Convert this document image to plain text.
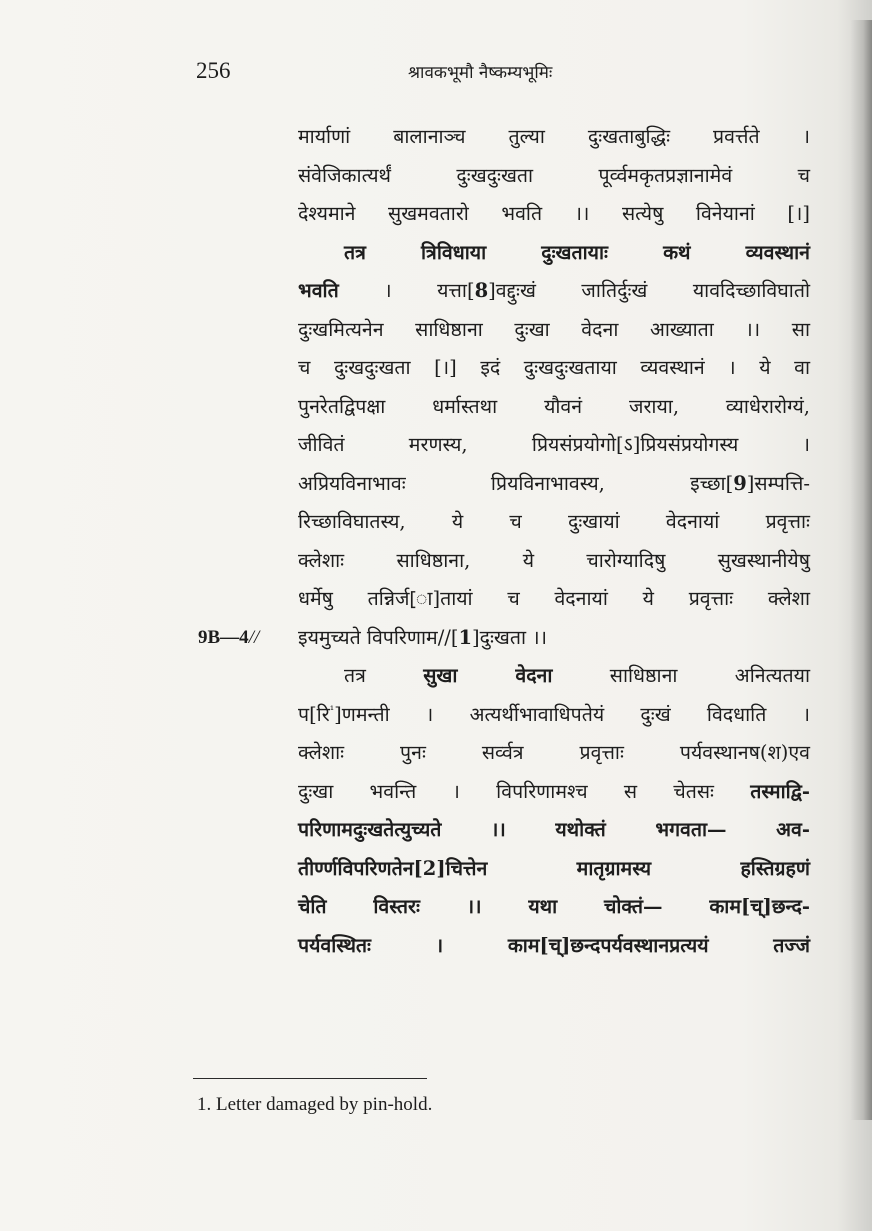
256	श्रावकभूमौ नैष्कम्यभूमिः
मार्याणां बालानाञ्च तुल्या दुःखताबुद्धिः प्रवर्त्तते ।
संवेजिकात्यर्थं दुःखदुःखता पूर्व्वमकृतप्रज्ञानामेवं च
देश्यमाने सुखमवतारो भवति ।। सत्येषु विनेयानां [।]
तत्र त्रिविधाया दुःखतायाः कथं व्यवस्थानं
भवति । यत्ता[8]वद्दुःखं जातिर्दुःखं यावदिच्छाविघातो
दुःखमित्यनेन साधिष्ठाना दुःखा वेदना आख्याता ।। सा
च दुःखदुःखता [।] इदं दुःखदुःखताया व्यवस्थानं । ये वा
पुनरेतद्विपक्षा धर्मास्तथा यौवनं जराया, व्याधेरारोग्यं,
जीवितं मरणस्य, प्रियसंप्रयोगो[ऽ]प्रियसंप्रयोगस्य ।
अप्रियविनाभावः प्रियविनाभावस्य, इच्छा[9]सम्पत्ति-
रिच्छाविघातस्य, ये च दुःखायां वेदनायां प्रवृत्ताः
क्लेशाः साधिष्ठाना, ये चारोग्यादिषु सुखस्थानीयेषु
धर्मेषु तन्निर्ज[ा]तायां च वेदनायां ये प्रवृत्ताः क्लेशा
इयमुच्यते विपरिणाम//[1]दुःखता ।।
9B—4//
तत्र सुखा वेदना साधिष्ठाना अनित्यतया
प[रि$^{^1}$]णमन्ती । अत्यर्थीभावाधिपतेयं दुःखं विदधाति ।
क्लेशाः पुनः सर्व्वत्र प्रवृत्ताः पर्यवस्थानष(श)एव
दुःखा भवन्ति । विपरिणामश्च स चेतसः तस्माद्वि-
परिणामदुःखतेत्युच्यते ।। यथोक्तं भगवता— अव-
तीर्ण्णविपरिणतेन[2]चित्तेन मातृग्रामस्य हस्तिग्रहणं
चेति विस्तरः ।। यथा चोक्तं— काम[च्]छन्द-
पर्यवस्थितः । काम[च्]छन्दपर्यवस्थानप्रत्ययं तज्जं
1. Letter damaged by pin-hold.
